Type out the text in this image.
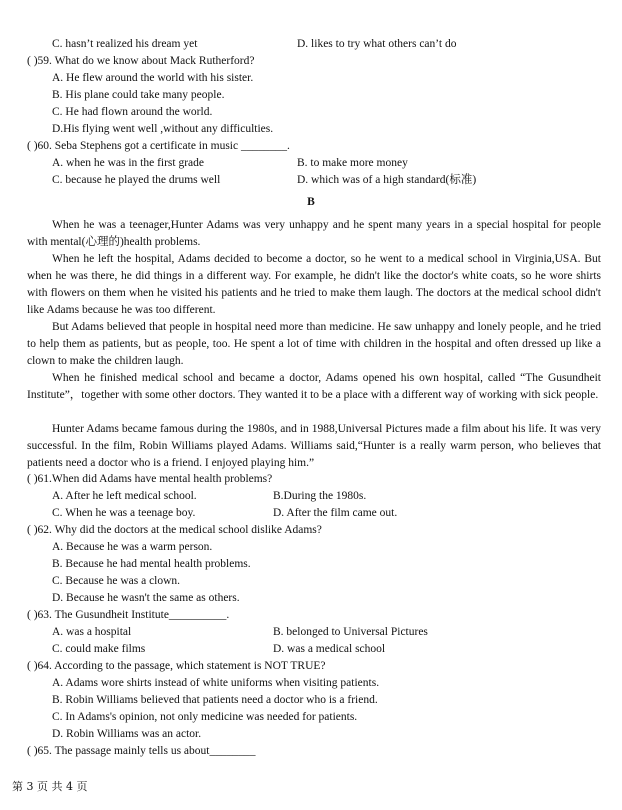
C. hasn’t realized his dream yet	D. likes to try what others can’t do
( )59. What do we know about Mack Rutherford?
A. He flew around the world with his sister.
B. His plane could take many people.
C. He had flown around the world.
D.His flying went well ,without any difficulties.
( )60. Seba Stephens got a certificate in music ________.
A. when he was in the first grade	B. to make more money
C. because he played the drums well	D. which was of a high standard(标准)
B
When he was a teenager,Hunter Adams was very unhappy and he spent many years in a special hospital for people with mental(心理的)health problems.
When he left the hospital, Adams decided to become a doctor, so he went to a medical school in Virginia,USA. But when he was there, he did things in a different way. For example, he didn't like the doctor's white coats, so he wore shirts with flowers on them when he visited his patients and he tried to make them laugh. The doctors at the medical school didn't like Adams because he was too different.
But Adams believed that people in hospital need more than medicine. He saw unhappy and lonely people, and he tried to help them as patients, but as people, too. He spent a lot of time with children in the hospital and often dressed up like a clown to make the children laugh.
When he finished medical school and became a doctor, Adams opened his own hospital, called “The Gusundheit Institute”，together with some other doctors. They wanted it to be a place with a different way of working with sick people.
Hunter Adams became famous during the 1980s, and in 1988,Universal Pictures made a film about his life. It was very successful. In the film, Robin Williams played Adams. Williams said,“Hunter is a really warm person, who believes that patients need a doctor who is a friend. I enjoyed playing him.”
( )61.When did Adams have mental health problems?
A. After he left medical school.	B.During the 1980s.
C. When he was a teenage boy.	D. After the film came out.
( )62. Why did the doctors at the medical school dislike Adams?
A. Because he was a warm person.
B. Because he had mental health problems.
C. Because he was a clown.
D. Because he wasn't the same as others.
( )63. The Gusundheit Institute__________.
A. was a hospital	B. belonged to Universal Pictures
C. could make films	D. was a medical school
( )64. According to the passage, which statement is NOT TRUE?
A. Adams wore shirts instead of white uniforms when visiting patients.
B. Robin Williams believed that patients need a doctor who is a friend.
C. In Adams's opinion, not only medicine was needed for patients.
D. Robin Williams was an actor.
( )65. The passage mainly tells us about________
第 3 页 共 4 页
